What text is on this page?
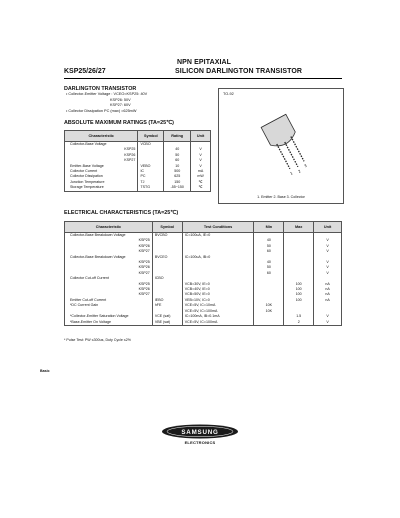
NPN EPITAXIAL
KSP25/26/27	SILICON DARLINGTON TRANSISTOR
DARLINGTON TRANSISTOR
• Collector-Emitter Voltage : VCEO=KSP25: 40V
KSP26: 50V
KSP27: 60V
• Collector Dissipation PC (max) =625mW
TO-92
1 2
3
1. Emitter 2. Base 3. Collector
ABSOLUTE MAXIMUM RATINGS (TA=25℃)
Characteristic	Symbol	Rating	Unit
Collector-Base Voltage	VCBO		
KSP25		40	V
KSP26		50	V
KSP27		60	V
Emitter-Base Voltage	VEBO	10	V
Collector Current	IC	500	mA
Collector Dissipation	PC	625	mW
Junction Temperature	TJ	150	℃
Storage Temperature	TSTG	-55~150	℃
ELECTRICAL CHARACTERISTICS (TA=25℃)
Characteristic	Symbol	Test Conditions	Min	Max	Unit
Collector-Base Breakdown Voltage	BVCBO	IC=100uA, IE=0			
KSP25			40		V
KSP26			50		V
KSP27			60		V
Collector-Base Breakdown Voltage	BVCEO	IC=100uA, IB=0			
KSP25			40		V
KSP26			50		V
KSP27			60		V
Collector Cut-off Current	ICBO				
KSP25		VCB=30V, IE=0		100	nA
KSP26		VCB=40V, IE=0		100	nA
KSP27		VCB=50V, IE=0		100	nA
Emitter Cut-off Current	IEBO	VEB=10V, IC=0		100	nA
*DC Current Gain	hFE	VCE=5V, IC=10mA	10K		
		VCE=5V, IC=100mA	10K		
*Collector-Emitter Saturation Voltage	VCE (sat)	IC=100mA, IB=0.1mA		1.5	V
*Base-Emitter On Voltage	VBE (sat)	VCE=5V, IC=100mA		2	V
* Pulse Test: PW ≤300us, Duty Cycle ≤2%
Basic
SAMSUNG
ELECTRONICS
